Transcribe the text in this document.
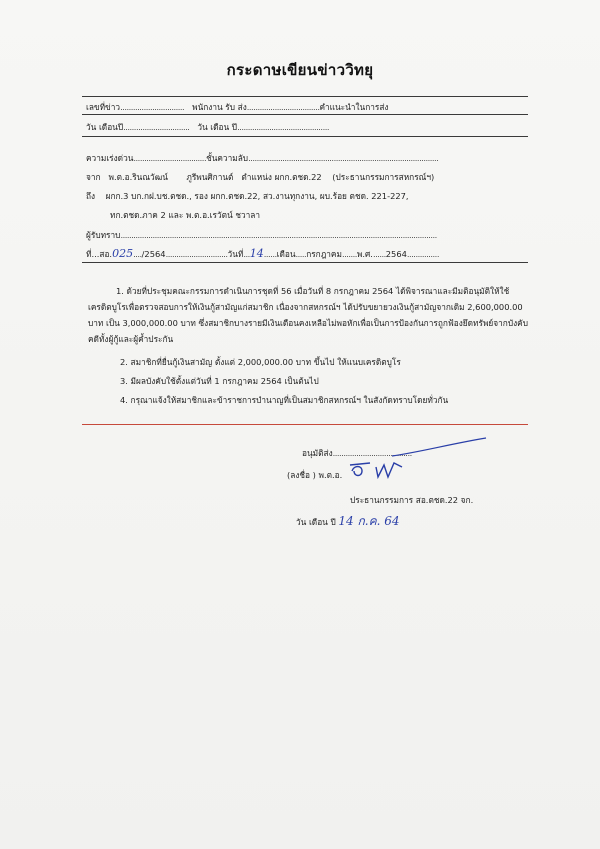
กระดาษเขียนข่าววิทยุ
เลขที่ข่าว.............................. พนักงาน รับ ส่ง..................................คำแนะนำในการส่ง
วัน เดือนปี............................... วัน เดือน ปี...........................................
ความเร่งด่วน..................................ชั้นความลับ.........................................................................................
จาก พ.ต.อ.รินณวัฒน์ ภูรีพนศิกานต์ ตำแหน่ง ผกก.ตชด.22 (ประธานกรรมการสหกรณ์ฯ)
ถึง ผกก.3 บก.กฝ.บช.ตชด., รอง ผกก.ตชด.22, สว.งานทุกงาน, ผบ.ร้อย ตชด. 221-227,
ทก.ตชด.ภาค 2 และ พ.ต.อ.เรวัตน์ ชวาลา
ผู้รับทราบ....................................................................................................................................................
ที่...สอ.025..../2564.............................วันที่...14......เดือน.....กรกฎาคม.......พ.ศ.......2564...............
1. ด้วยที่ประชุมคณะกรรมการดำเนินการชุดที่ 56 เมื่อวันที่ 8 กรกฎาคม 2564 ได้พิจารณาและมีมติอนุมัติให้ใช้เครดิตบูโรเพื่อตรวจสอบการให้เงินกู้สามัญแก่สมาชิก เนื่องจากสหกรณ์ฯ ได้ปรับขยายวงเงินกู้สามัญจากเดิม 2,600,000.00 บาท เป็น 3,000,000.00 บาท ซึ่งสมาชิกบางรายมีเงินเดือนคงเหลือไม่พอหักเพื่อเป็นการป้องกันการถูกฟ้องยึดทรัพย์จากบังคับคดีทั้งผู้กู้และผู้ค้ำประกัน
2. สมาชิกที่ยื่นกู้เงินสามัญ ตั้งแต่ 2,000,000.00 บาท ขึ้นไป ให้แนบเครดิตบูโร
3. มีผลบังคับใช้ตั้งแต่วันที่ 1 กรกฎาคม 2564 เป็นต้นไป
4. กรุณาแจ้งให้สมาชิกและข้าราชการบำนาญที่เป็นสมาชิกสหกรณ์ฯ ในสังกัดทราบโดยทั่วกัน
อนุมัติส่ง.....................................
(ลงชื่อ ) พ.ต.อ.
ประธานกรรมการ สอ.ตชด.22 จก.
วัน เดือน ปี 14 ก.ค. 64
